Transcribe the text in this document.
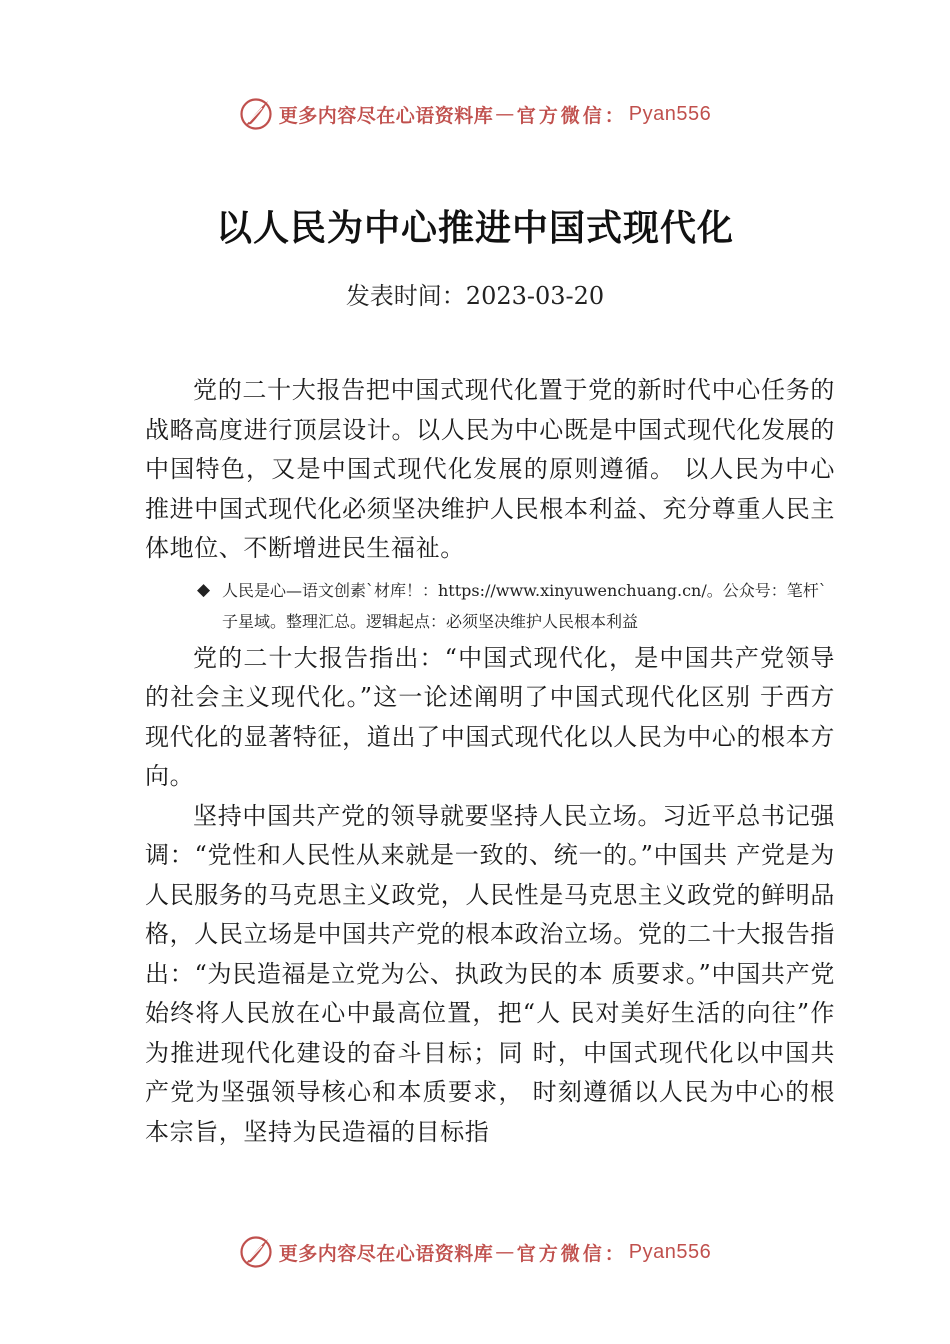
更多内容尽在心语资料库 — 官方微信： Pyan556
以人民为中心推进中国式现代化
发表时间：2023-03-20

党的二十大报告把中国式现代化置于党的新时代中心任务的战略高度进行顶层设计。以人民为中心既是中国式现代化发展的中国特色，又是中国式现代化发展的原则遵循。 以人民为中心推进中国式现代化必须坚决维护人民根本利益、充分尊重人民主体地位、不断增进民生福祉。

◆ 人民是心—语文创素`材库！：https://www.xinyuwenchuang.cn/。公众号：笔杆`子星域。整理汇总。逻辑起点：必须坚决维护人民根本利益

党的二十大报告指出：“中国式现代化，是中国共产党领导的社会主义现代化。”这一论述阐明了中国式现代化区别 于西方现代化的显著特征，道出了中国式现代化以人民为中心的根本方向。

坚持中国共产党的领导就要坚持人民立场。习近平总书记强调：“党性和人民性从来就是一致的、统一的。”中国共 产党是为人民服务的马克思主义政党，人民性是马克思主义政党的鲜明品格，人民立场是中国共产党的根本政治立场。党的二十大报告指出：“为民造福是立党为公、执政为民的本 质要求。”中国共产党始终将人民放在心中最高位置，把“人 民对美好生活的向往”作为推进现代化建设的奋斗目标；同 时，中国式现代化以中国共产党为坚强领导核心和本质要求， 时刻遵循以人民为中心的根本宗旨，坚持为民造福的目标指

更多内容尽在心语资料库 — 官方微信： Pyan556
